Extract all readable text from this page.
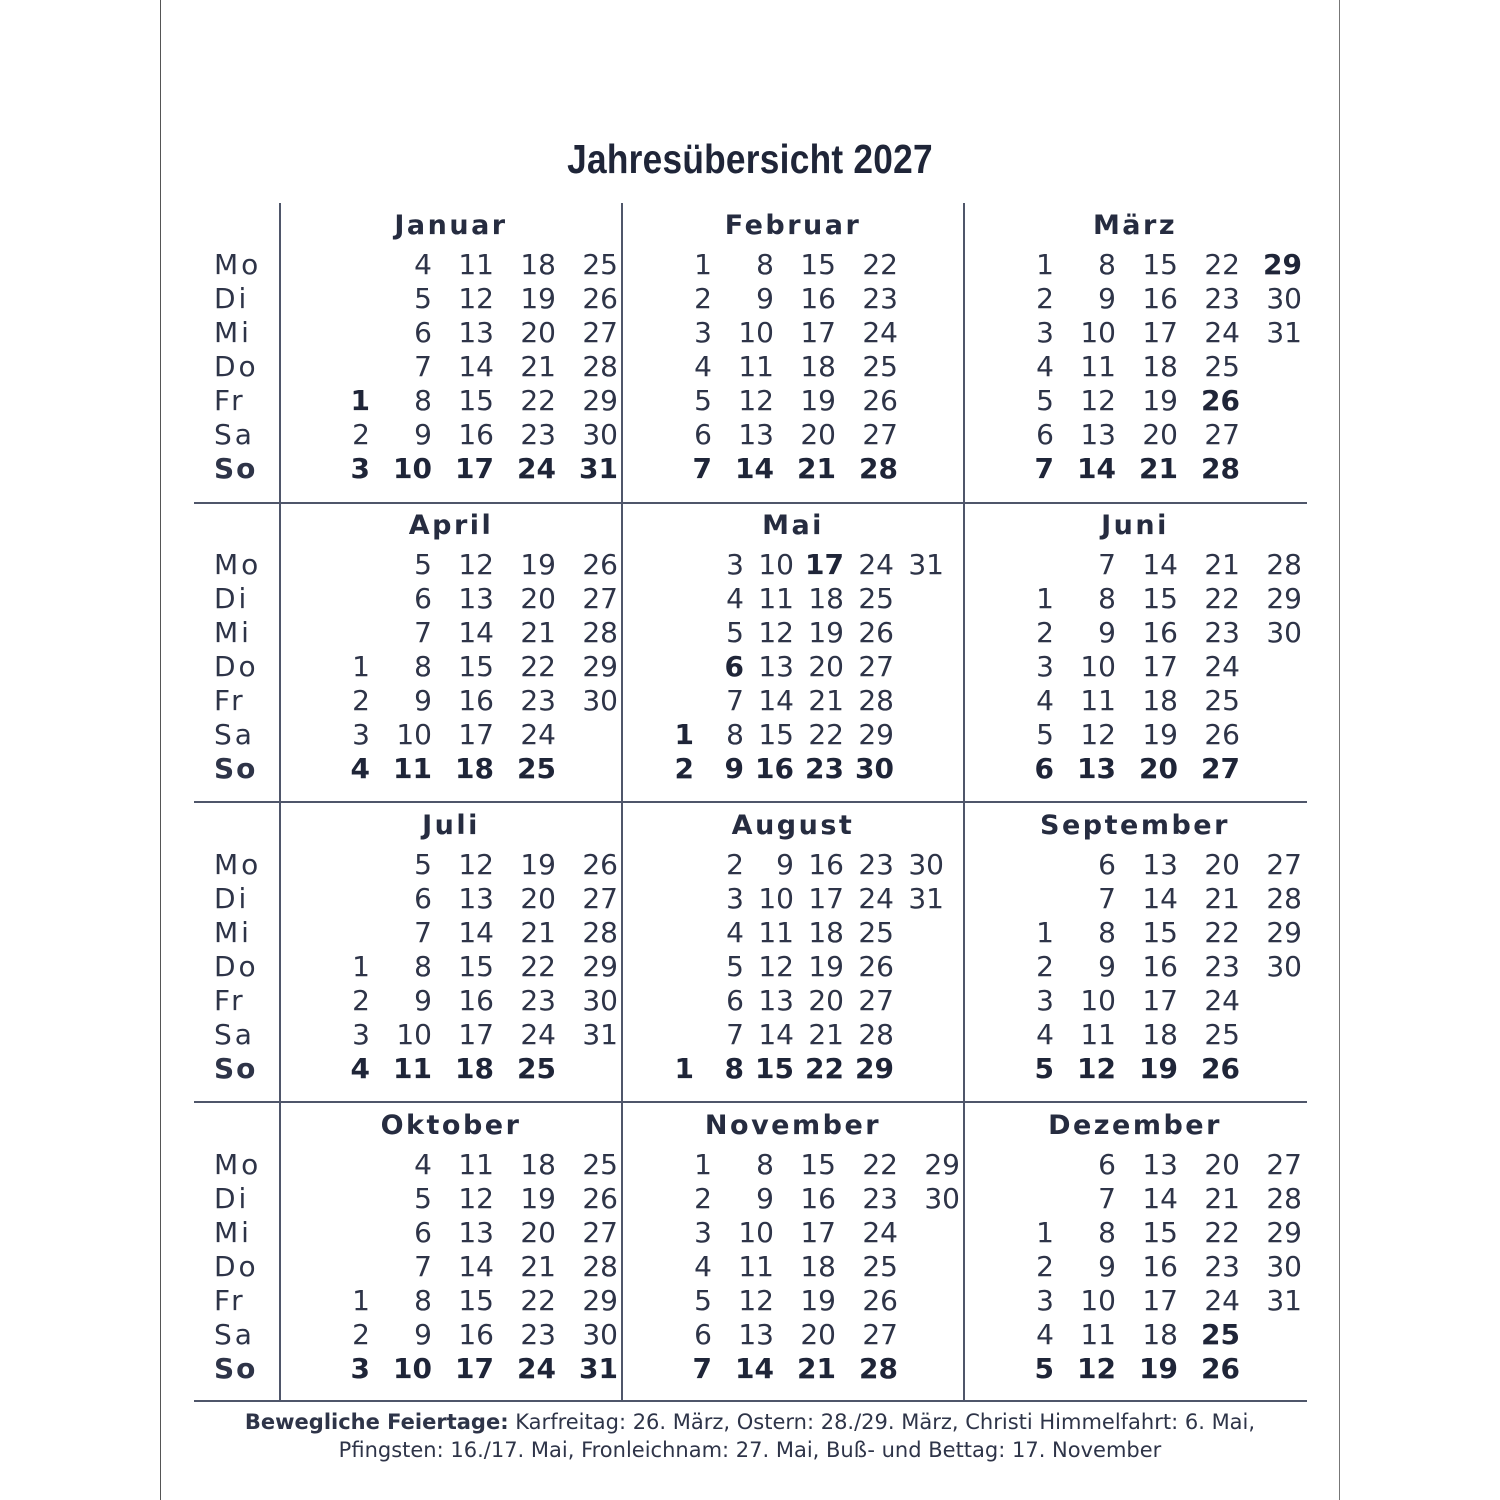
Jahresübersicht 2027
Mo
Di
Mi
Do
Fr
Sa
So
Januar
1
2
3
4
5
6
7
8
9
10
11
12
13
14
15
16
17
18
19
20
21
22
23
24
25
26
27
28
29
30
31
Februar
1
2
3
4
5
6
7
8
9
10
11
12
13
14
15
16
17
18
19
20
21
22
23
24
25
26
27
28
März
1
2
3
4
5
6
7
8
9
10
11
12
13
14
15
16
17
18
19
20
21
22
23
24
25
26
27
28
29
30
31
Mo
Di
Mi
Do
Fr
Sa
So
April
1
2
3
4
5
6
7
8
9
10
11
12
13
14
15
16
17
18
19
20
21
22
23
24
25
26
27
28
29
30
Mai
1
2
3
4
5
6
7
8
9
10
11
12
13
14
15
16
17
18
19
20
21
22
23
24
25
26
27
28
29
30
31
Juni
1
2
3
4
5
6
7
8
9
10
11
12
13
14
15
16
17
18
19
20
21
22
23
24
25
26
27
28
29
30
Mo
Di
Mi
Do
Fr
Sa
So
Juli
1
2
3
4
5
6
7
8
9
10
11
12
13
14
15
16
17
18
19
20
21
22
23
24
25
26
27
28
29
30
31
August
1
2
3
4
5
6
7
8
9
10
11
12
13
14
15
16
17
18
19
20
21
22
23
24
25
26
27
28
29
30
31
September
1
2
3
4
5
6
7
8
9
10
11
12
13
14
15
16
17
18
19
20
21
22
23
24
25
26
27
28
29
30
Mo
Di
Mi
Do
Fr
Sa
So
Oktober
1
2
3
4
5
6
7
8
9
10
11
12
13
14
15
16
17
18
19
20
21
22
23
24
25
26
27
28
29
30
31
November
1
2
3
4
5
6
7
8
9
10
11
12
13
14
15
16
17
18
19
20
21
22
23
24
25
26
27
28
29
30
Dezember
1
2
3
4
5
6
7
8
9
10
11
12
13
14
15
16
17
18
19
20
21
22
23
24
25
26
27
28
29
30
31
Bewegliche Feiertage: Karfreitag: 26. März, Ostern: 28./29. März, Christi Himmelfahrt: 6. Mai,
Pfingsten: 16./17. Mai, Fronleichnam: 27. Mai, Buß- und Bettag: 17. November
